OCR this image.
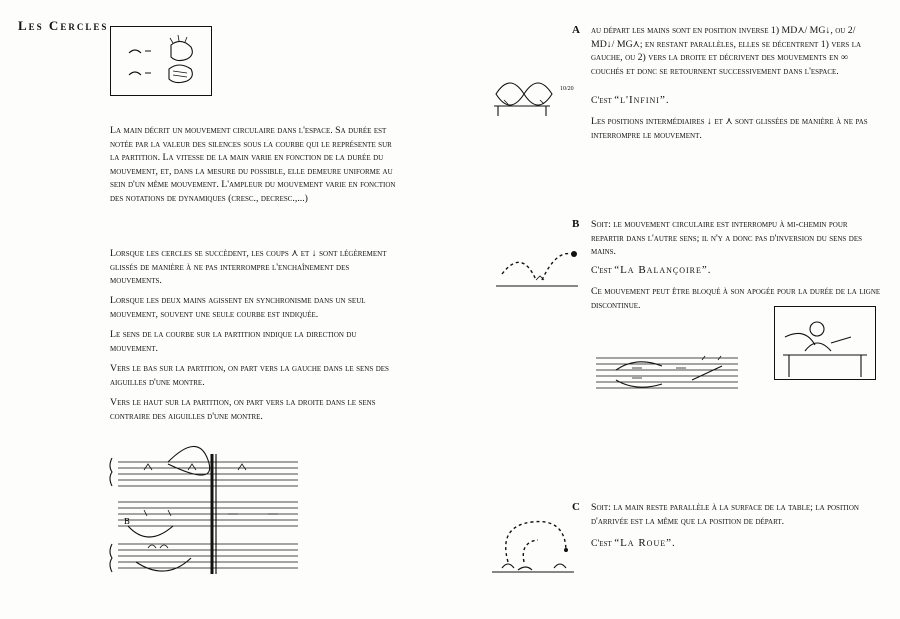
Les Cercles
La main décrit un mouvement circulaire dans l'espace. Sa durée est notée par la valeur des silences sous la courbe qui le représente sur la partition. La vitesse de la main varie en fonction de la durée du mouvement, et, dans la mesure du possible, elle demeure uniforme au sein d'un même mouvement. L'ampleur du mouvement varie en fonction des notations de dynamiques (cresc., decresc.,...)
Lorsque les cercles se succèdent, les coups ⋏ et ↓ sont légèrement glissés de manière à ne pas interrompre l'enchaînement des mouvements.
Lorsque les deux mains agissent en synchronisme dans un seul mouvement, souvent une seule courbe est indiquée.
Le sens de la courbe sur la partition indique la direction du mouvement.
Vers le bas sur la partition, on part vers la gauche dans le sens des aiguilles d'une montre.
Vers le haut sur la partition, on part vers la droite dans le sens contraire des aiguilles d'une montre.
B
A au départ les mains sont en position inverse 1) MD⋏/ MG↓, ou 2/ MD↓/ MG⋏; en restant parallèles, elles se décentrent 1) vers la gauche, ou 2) vers la droite et décrivent des mouvements en ∞ couchés et donc se retournent successivement dans l'espace.
10/20
C'est “l'Infini”.
Les positions intermédiaires ↓ et ⋏ sont glissées de manière à ne pas interrompre le mouvement.
B Soit: le mouvement circulaire est interrompu à mi-chemin pour repartir dans l'autre sens; il n'y a donc pas d'inversion du sens des mains.
C'est “La Balançoire”.
Ce mouvement peut être bloqué à son apogée pour la durée de la ligne discontinue.
C Soit: la main reste parallèle à la surface de la table; la position d'arrivée est la même que la position de départ.
C'est “La Roue”.
